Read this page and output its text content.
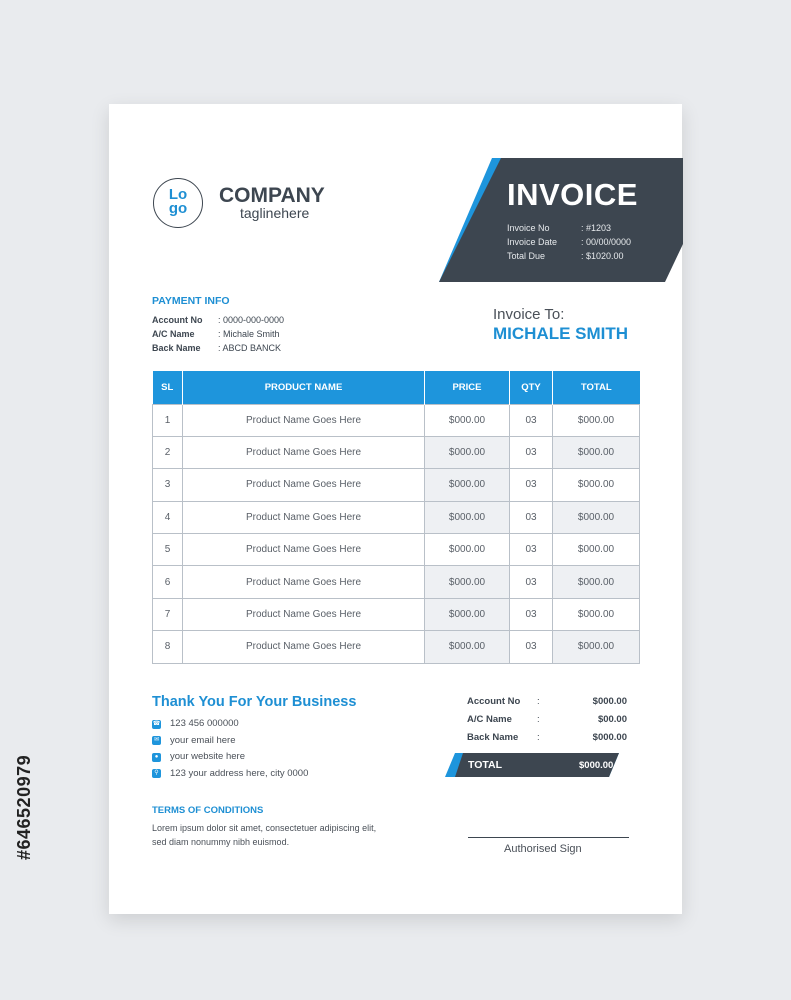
#646520979
Lo
go
COMPANY
taglinehere
INVOICE
Invoice No	: #1203
Invoice Date	: 00/00/0000
Total Due	: $1020.00
PAYMENT INFO
Account No : 0000-000-0000
A/C Name	: Michale Smith
Back Name : ABCD BANCK
Invoice To:
MICHALE SMITH
SL	PRODUCT NAME	PRICE	QTY	TOTAL
1	Product Name Goes Here	$000.00	03	$000.00
2	Product Name Goes Here	$000.00	03	$000.00
3	Product Name Goes Here	$000.00	03	$000.00
4	Product Name Goes Here	$000.00	03	$000.00
5	Product Name Goes Here	$000.00	03	$000.00
6	Product Name Goes Here	$000.00	03	$000.00
7	Product Name Goes Here	$000.00	03	$000.00
8	Product Name Goes Here	$000.00	03	$000.00
Thank You For Your Business
☎ 123 456 000000
✉ your email here
● your website here
⚲ 123 your address here, city 0000
TERMS OF CONDITIONS
Lorem ipsum dolor sit amet, consectetuer adipiscing elit, sed diam nonummy nibh euismod.
Account No :	$000.00
A/C Name	:	$00.00
Back Name :	$000.00
TOTAL	$000.00
Authorised Sign
